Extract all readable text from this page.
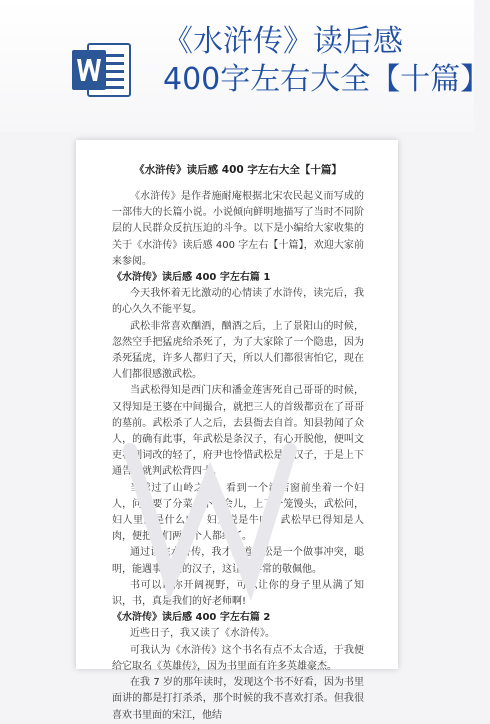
《水浒传》读后感
400字左右大全【十篇】
《水浒传》读后感 400 字左右大全【十篇】

《水浒传》是作者施耐庵根据北宋农民起义而写成的一部伟大的长篇小说。小说倾向鲜明地描写了当时不同阶层的人民群众反抗压迫的斗争。以下是小编给大家收集的关于《水浒传》读后感 400 字左右【十篇】，欢迎大家前来参阅。

《水浒传》读后感 400 字左右篇 1

今天我怀着无比激动的心情读了水浒传，读完后，我的心久久不能平复。

武松非常喜欢酗酒，酗酒之后，上了景阳山的时候，忽然空手把猛虎给杀死了，为了大家除了一个隐患，因为杀死猛虎，许多人都归了天，所以人们都很害怕它，现在人们都很感激武松。

当武松得知是西门庆和潘金莲害死自己哥哥的时候，又得知是王婆在中间撮合，就把三人的首级都贡在了哥哥的墓前。武松杀了人之后，去县衙去自首。知县勃闻了众人，的确有此事，年武松是条汉子，有心开脱他，便叫文吏将判词改的轻了，府尹也怜惜武松是条汉子，于是上下通告，就判武松背四十。

当越过了山岭之后，看到一个酒店窗前坐着一个妇人，问她要了分菜，不一会儿，上了一笼馒头，武松问，妇人里面是什么肉，妇人说是牛肉，武松早已得知是人肉，便把他们两一个人都给了。

通过读完水浒传，我才知道武松是一个做事冲突，聪明，能遇事解决的汉子，这让我非常的敬佩他。

书可以让你开阔视野，可以让你的身子里从满了知识，书，真是我们的好老师啊!

《水浒传》读后感 400 字左右篇 2

近些日子，我又读了《水浒传》。

可我认为《水浒传》这个书名有点不太合适，于我便给它取名《英雄传》，因为书里面有许多英雄豪杰。

在我 7 岁的那年读时，发现这个书不好看，因为书里面讲的都是打打杀杀，那个时候的我不喜欢打杀。但我很喜欢书里面的宋江，他结
